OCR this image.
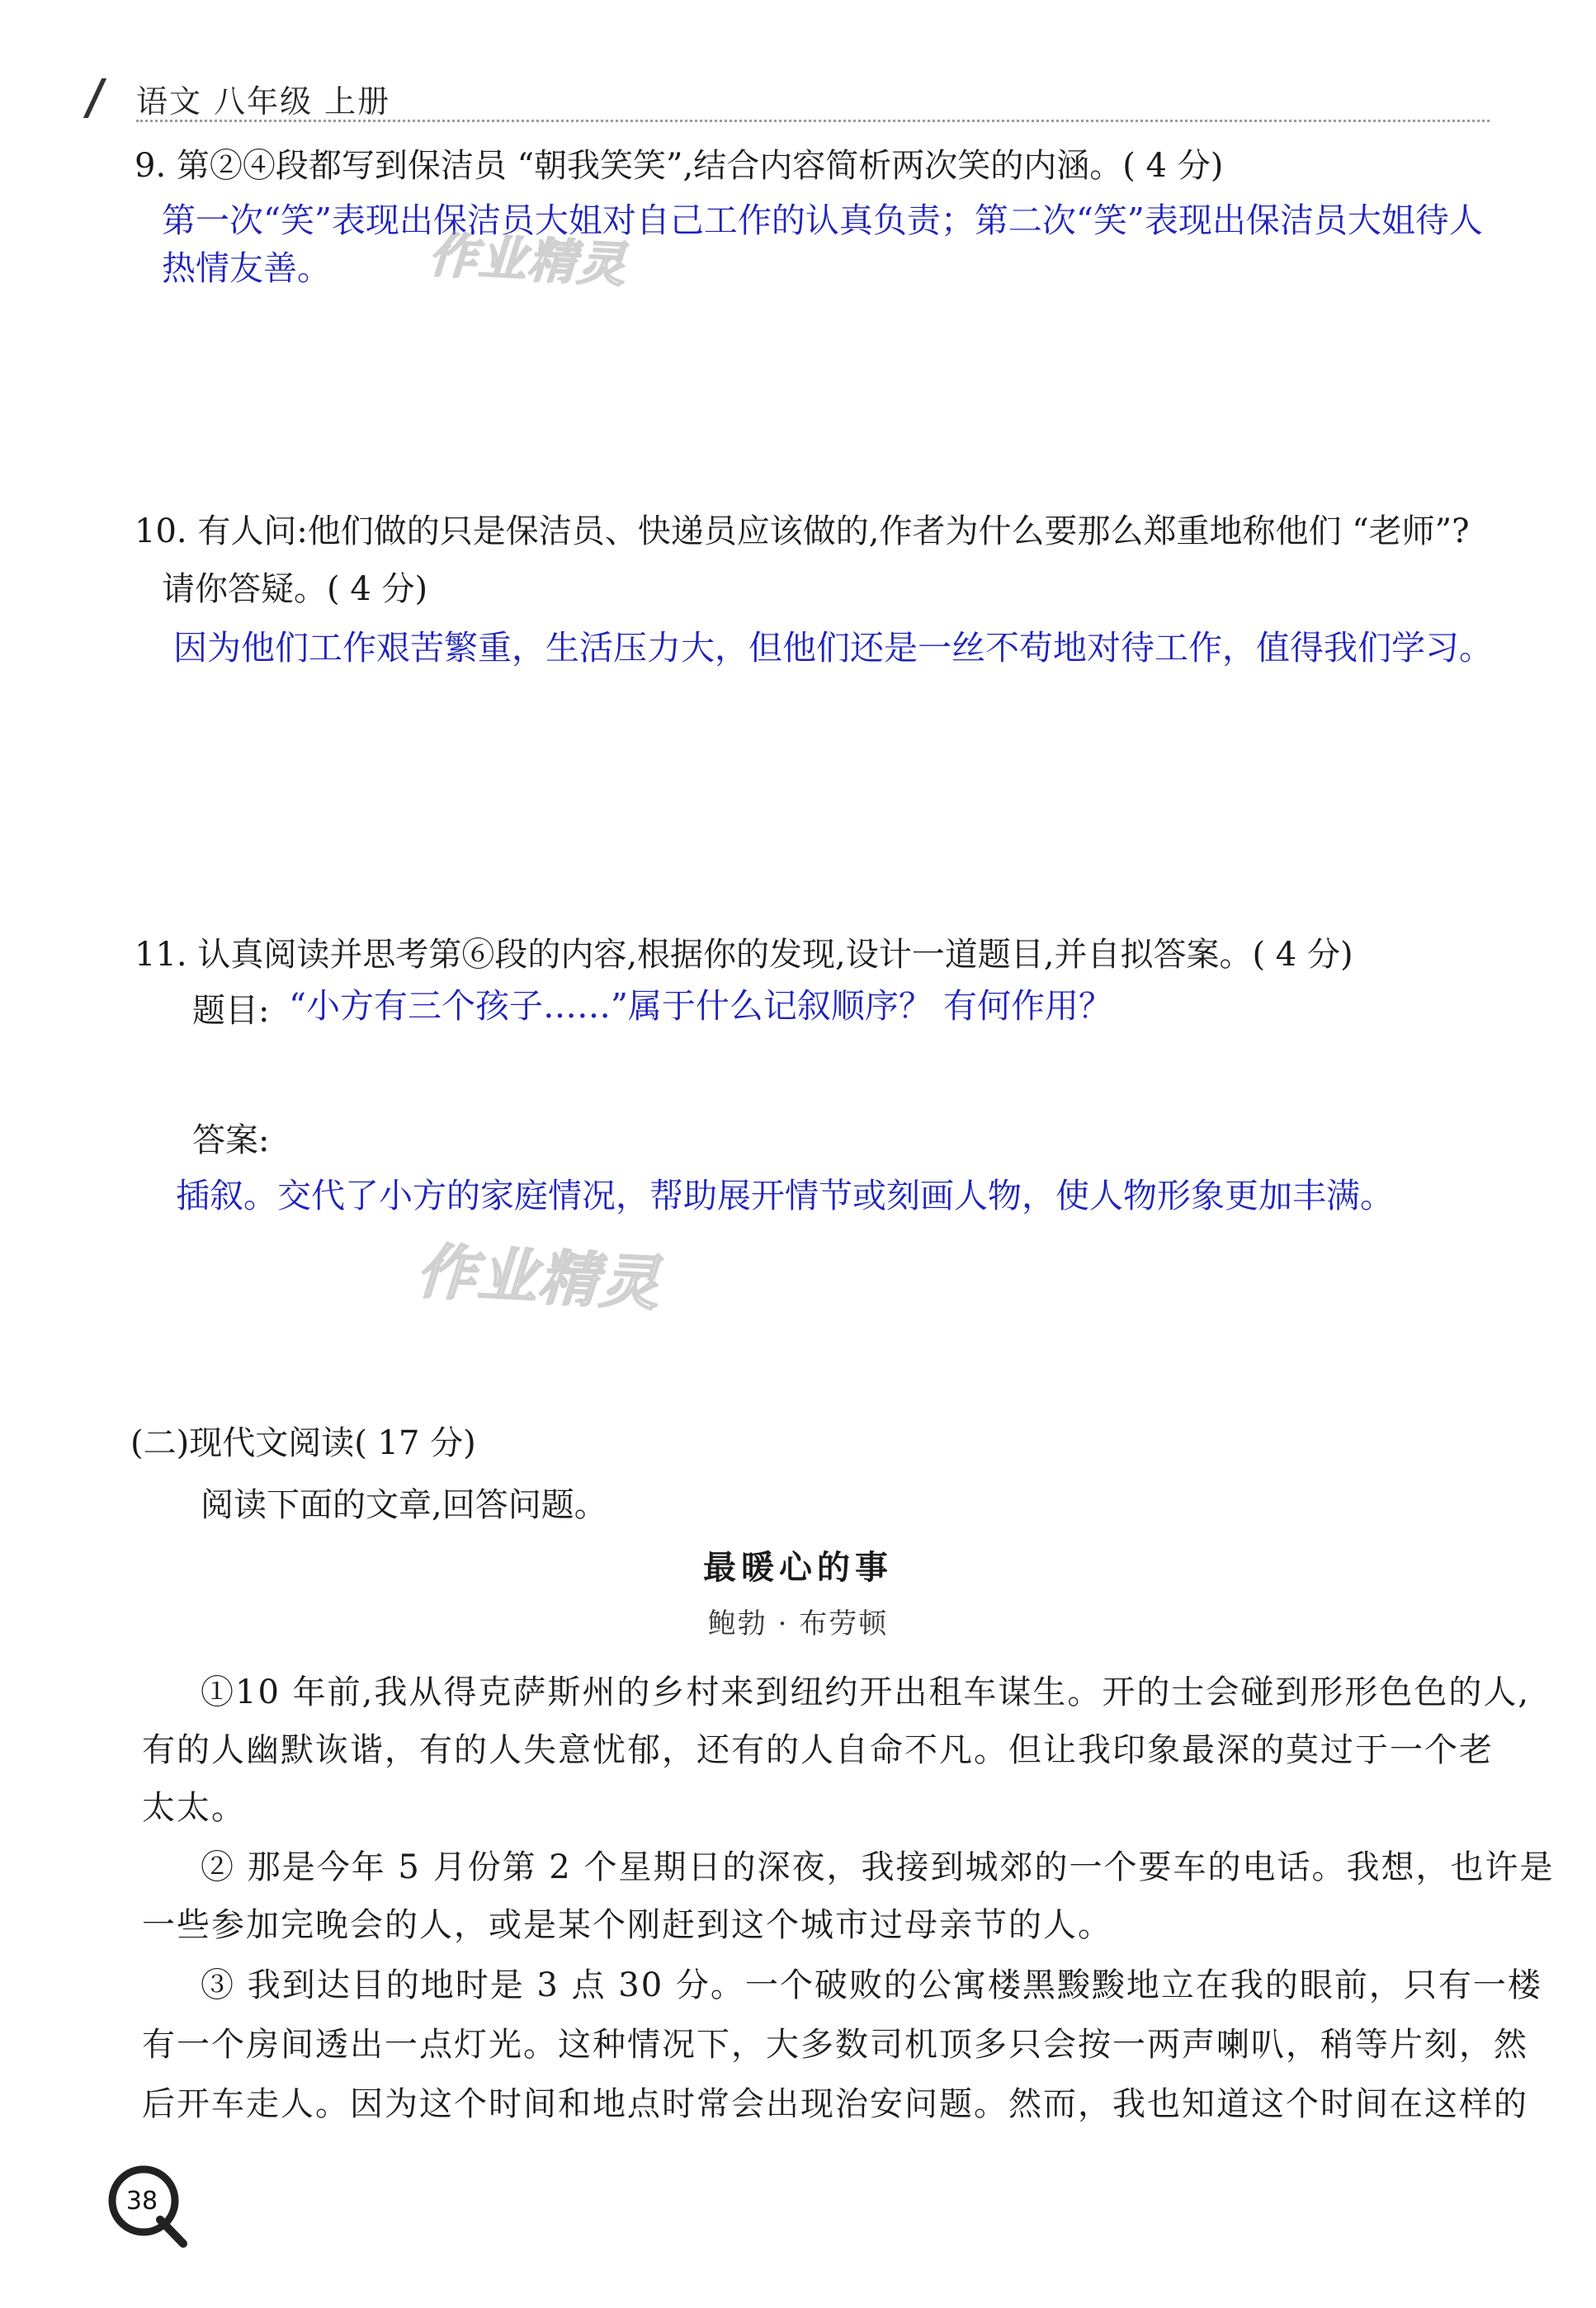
语文 八年级 上册

9. 第②④段都写到保洁员 “朝我笑笑”,结合内容简析两次笑的内涵。( 4 分)

第一次“笑”表现出保洁员大姐对自己工作的认真负责；第二次“笑”表现出保洁员大姐待人

热情友善。 作业精灵

10. 有人问:他们做的只是保洁员、快递员应该做的,作者为什么要那么郑重地称他们 “老师”?

请你答疑。( 4 分)

因为他们工作艰苦繁重，生活压力大，但他们还是一丝不苟地对待工作，值得我们学习。

11. 认真阅读并思考第⑥段的内容,根据你的发现,设计一道题目,并自拟答案。( 4 分)

题目: “小方有三个孩子……”属于什么记叙顺序？ 有何作用？

答案:

插叙。交代了小方的家庭情况，帮助展开情节或刻画人物，使人物形象更加丰满。

作业精灵

(二)现代文阅读( 17 分)

阅读下面的文章,回答问题。

最暖心的事
鲍勃 · 布劳顿

①10 年前,我从得克萨斯州的乡村来到纽约开出租车谋生。开的士会碰到形形色色的人,

有的人幽默诙谐，有的人失意忧郁，还有的人自命不凡。但让我印象最深的莫过于一个老

太太。

② 那是今年 5 月份第 2 个星期日的深夜，我接到城郊的一个要车的电话。我想，也许是

一些参加完晚会的人，或是某个刚赶到这个城市过母亲节的人。

③ 我到达目的地时是 3 点 30 分。一个破败的公寓楼黑黢黢地立在我的眼前，只有一楼

有一个房间透出一点灯光。这种情况下，大多数司机顶多只会按一两声喇叭，稍等片刻，然

后开车走人。因为这个时间和地点时常会出现治安问题。然而，我也知道这个时间在这样的

38
